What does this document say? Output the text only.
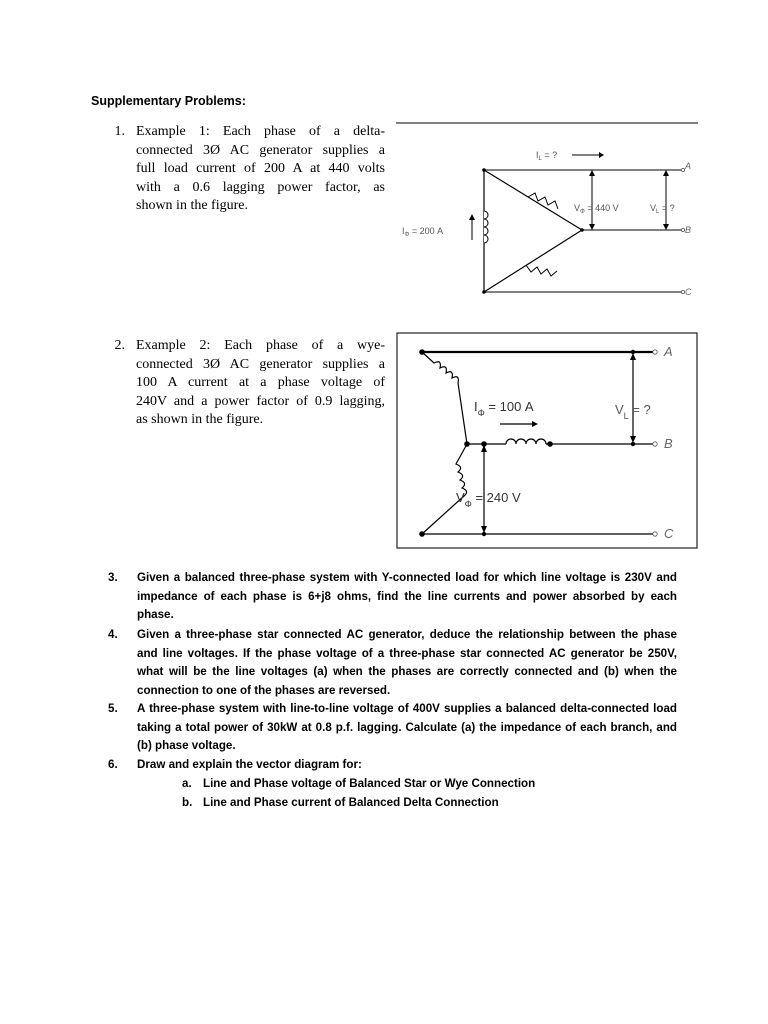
Supplementary Problems:
1. Example 1: Each phase of a delta-
connected 3Ø AC generator supplies a
full load current of 200 A at 440 volts
with a 0.6 lagging power factor, as
shown in the figure.
A
B
C
$I_L$ = ?
$V_\Phi = 440$ V	$V_L$ = ?
$I_\Phi = 200$ A
2. Example 2: Each phase of a wye-
connected 3Ø AC generator supplies a
100 A current at a phase voltage of
240V and a power factor of 0.9 lagging,
as shown in the figure.
A
B
C
$I_\Phi = 100$ A	$V_L$ = ?
$V_\Phi = 240$ V
3.	Given a balanced three-phase system with Y-connected load for which line voltage is 230V and
impedance of each phase is 6+j8 ohms, find the line currents and power absorbed by each
phase.
4.	Given a three-phase star connected AC generator, deduce the relationship between the phase
and line voltages. If the phase voltage of a three-phase star connected AC generator be 250V,
what will be the line voltages (a) when the phases are correctly connected and (b) when the
connection to one of the phases are reversed.
5.	A three-phase system with line-to-line voltage of 400V supplies a balanced delta-connected load
taking a total power of 30kW at 0.8 p.f. lagging. Calculate (a) the impedance of each branch, and
(b) phase voltage.
6.	Draw and explain the vector diagram for:
a. Line and Phase voltage of Balanced Star or Wye Connection
b. Line and Phase current of Balanced Delta Connection
